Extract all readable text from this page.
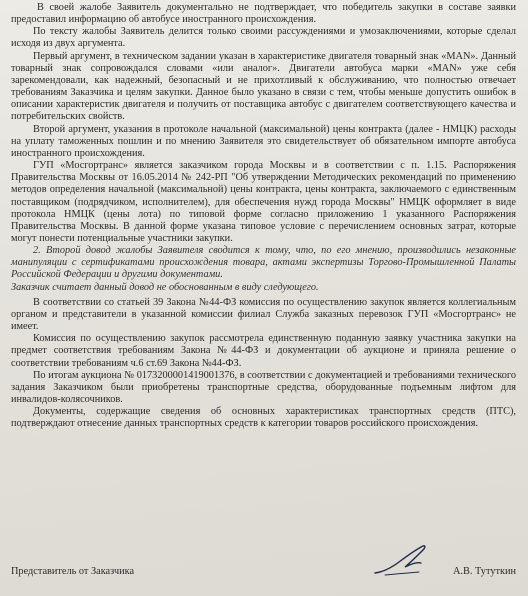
В своей жалобе Заявитель документально не подтверждает, что победитель закупки в составе заявки предоставил информацию об автобусе иностранного происхождения.

По тексту жалобы Заявитель делится только своими рассуждениями и умозаключениями, которые сделал исходя из двух аргумента.

Первый аргумент, в техническом задании указан в характеристике двигателя товарный знак «MAN». Данный товарный знак сопровождался словами «или аналог». Двигатели автобуса марки «MAN» уже себя зарекомендовали, как надежный, безопасный и не прихотливый к обслуживанию, что полностью отвечает требованиям Заказчика и целям закупки. Данное было указано в связи с тем, чтобы меньше допустить ошибок в описании характеристик двигателя и получить от поставщика автобус с двигателем соответствующего качества и потребительских свойств.

Второй аргумент, указания в протоколе начальной (максимальной) цены контракта (далее - НМЦК) расходы на уплату таможенных пошлин и по мнению Заявителя это свидетельствует об обязательном импорте автобуса иностранного происхождения.

ГУП «Мосгортранс» является заказчиком города Москвы и в соответствии с п. 1.15. Распоряжения Правительства Москвы от 16.05.2014 № 242-РП "Об утверждении Методических рекомендаций по применению методов определения начальной (максимальной) цены контракта, цены контракта, заключаемого с единственным поставщиком (подрядчиком, исполнителем), для обеспечения нужд города Москвы" НМЦК оформляет в виде протокола НМЦК (цены лота) по типовой форме согласно приложению 1 указанного Распоряжения Правительства Москвы. В данной форме указана типовое условие с перечислением основных затрат, которые могут понести потенциальные участники закупки.

2. Второй довод жалобы Заявителя сводится к тому, что, по его мнению, производились незаконные манипуляции с сертификатами происхождения товара, актами экспертизы Торгово-Промышленной Палаты Российской Федерации и другими документами.

Заказчик считает данный довод не обоснованным в виду следующего.

В соответствии со статьей 39 Закона №44-ФЗ комиссия по осуществлению закупок является коллегиальным органом и представители в указанной комиссии филиал Служба заказных перевозок ГУП «Мосгортранс» не имеет.

Комиссия по осуществлению закупок рассмотрела единственную поданную заявку участника закупки на предмет соответствия требованиям Закона №44-ФЗ и документации об аукционе и приняла решение о соответствии требованиям ч.6 ст.69 Закона №44-ФЗ.

По итогам аукциона № 0173200001419001376, в соответствии с документацией и требованиями технического задания Заказчиком были приобретены транспортные средства, оборудованные подъемным лифтом для инвалидов-колясочников.

Документы, содержащие сведения об основных характеристиках транспортных средств (ПТС), подтверждают отнесение данных транспортных средств к категории товаров российского происхождения.

Представитель от Заказчика	А.В. Тутуткин
